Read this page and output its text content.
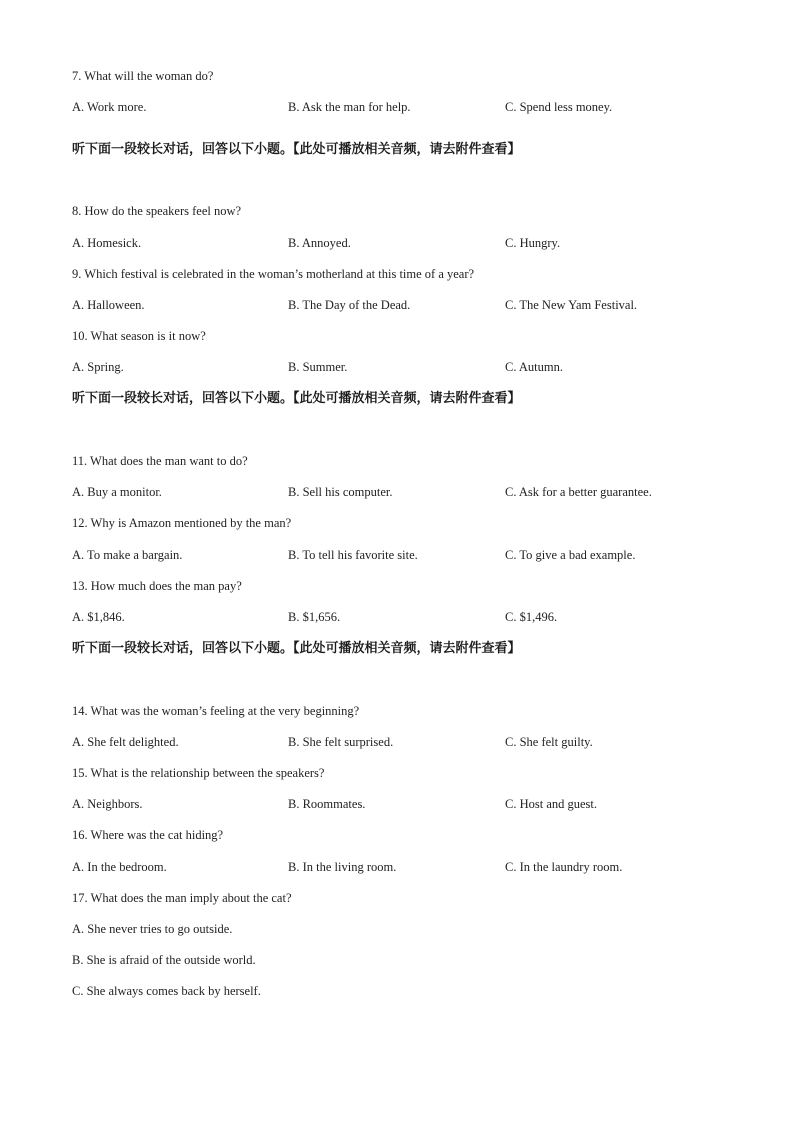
7. What will the woman do?
A. Work more.	B. Ask the man for help.	C. Spend less money.
听下面一段较长对话，回答以下小题。【此处可播放相关音频，请去附件查看】
8. How do the speakers feel now?
A. Homesick.	B. Annoyed.	C. Hungry.
9. Which festival is celebrated in the woman’s motherland at this time of a year?
A. Halloween.	B. The Day of the Dead.	C. The New Yam Festival.
10. What season is it now?
A. Spring.	B. Summer.	C. Autumn.
听下面一段较长对话，回答以下小题。【此处可播放相关音频，请去附件查看】
11. What does the man want to do?
A. Buy a monitor.	B. Sell his computer.	C. Ask for a better guarantee.
12. Why is Amazon mentioned by the man?
A. To make a bargain.	B. To tell his favorite site.	C. To give a bad example.
13. How much does the man pay?
A. $1,846.	B. $1,656.	C. $1,496.
听下面一段较长对话，回答以下小题。【此处可播放相关音频，请去附件查看】
14. What was the woman’s feeling at the very beginning?
A. She felt delighted.	B. She felt surprised.	C. She felt guilty.
15. What is the relationship between the speakers?
A. Neighbors.	B. Roommates.	C. Host and guest.
16. Where was the cat hiding?
A. In the bedroom.	B. In the living room.	C. In the laundry room.
17. What does the man imply about the cat?
A. She never tries to go outside.
B. She is afraid of the outside world.
C. She always comes back by herself.
